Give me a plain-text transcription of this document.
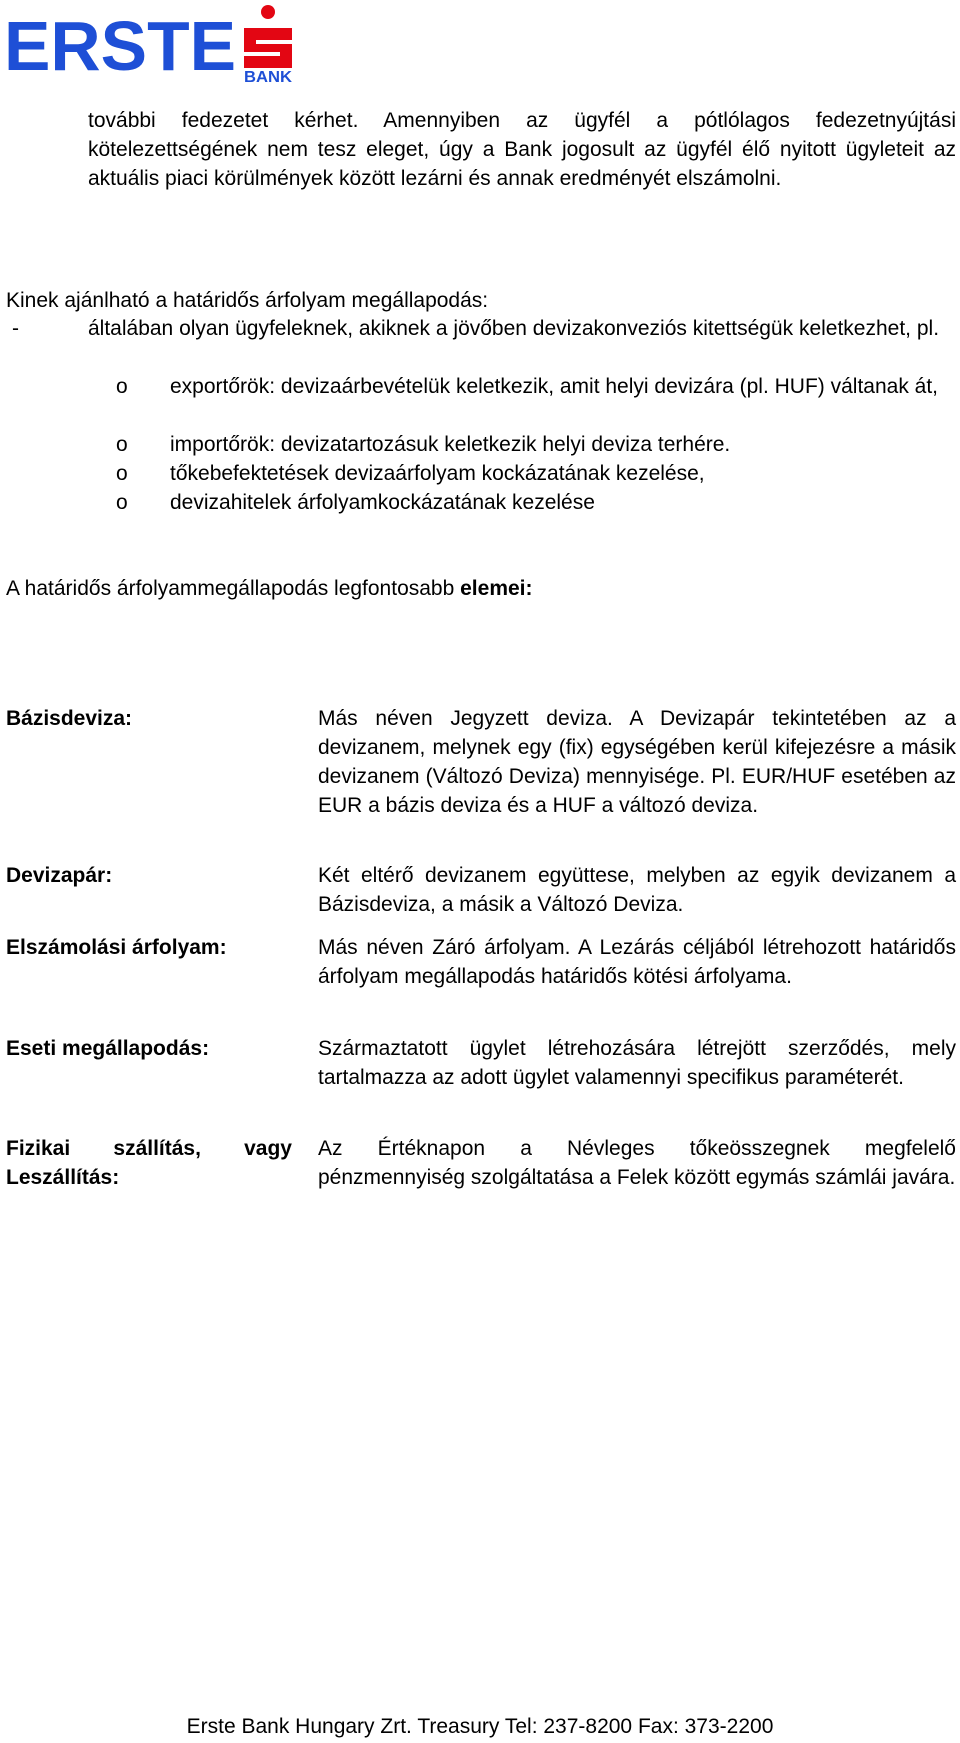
ERSTE BANK

további fedezetet kérhet. Amennyiben az ügyfél a pótlólagos fedezetnyújtási kötelezettségének nem tesz eleget, úgy a Bank jogosult az ügyfél élő nyitott ügyleteit az aktuális piaci körülmények között lezárni és annak eredményét elszámolni.

Kinek ajánlható a határidős árfolyam megállapodás:

-	általában olyan ügyfeleknek, akiknek a jövőben devizakonveziós kitettségük keletkezhet, pl.
o exportőrök: devizaárbevételük keletkezik, amit helyi devizára (pl. HUF) váltanak át,
o importőrök: devizatartozásuk keletkezik helyi deviza terhére.
o tőkebefektetések devizaárfolyam kockázatának kezelése,
o devizahitelek árfolyamkockázatának kezelése

A határidős árfolyammegállapodás legfontosabb elemei:

Bázisdeviza:	Más néven Jegyzett deviza. A Devizapár tekintetében az a devizanem, melynek egy (fix) egységében kerül kifejezésre a másik devizanem (Változó Deviza) mennyisége. Pl. EUR/HUF esetében az EUR a bázis deviza és a HUF a változó deviza.

Devizapár:	Két eltérő devizanem együttese, melyben az egyik devizanem a Bázisdeviza, a másik a Változó Deviza.

Elszámolási árfolyam:	Más néven Záró árfolyam. A Lezárás céljából létrehozott határidős árfolyam megállapodás határidős kötési árfolyama.

Eseti megállapodás:	Származtatott ügylet létrehozására létrejött szerződés, mely tartalmazza az adott ügylet valamennyi specifikus paraméterét.

Fizikai szállítás, vagy Leszállítás:

Az Értéknapon a Névleges tőkeösszegnek megfelelő pénzmennyiség szolgáltatása a Felek között egymás számlái javára.

Erste Bank Hungary Zrt. Treasury Tel: 237-8200 Fax: 373-2200
